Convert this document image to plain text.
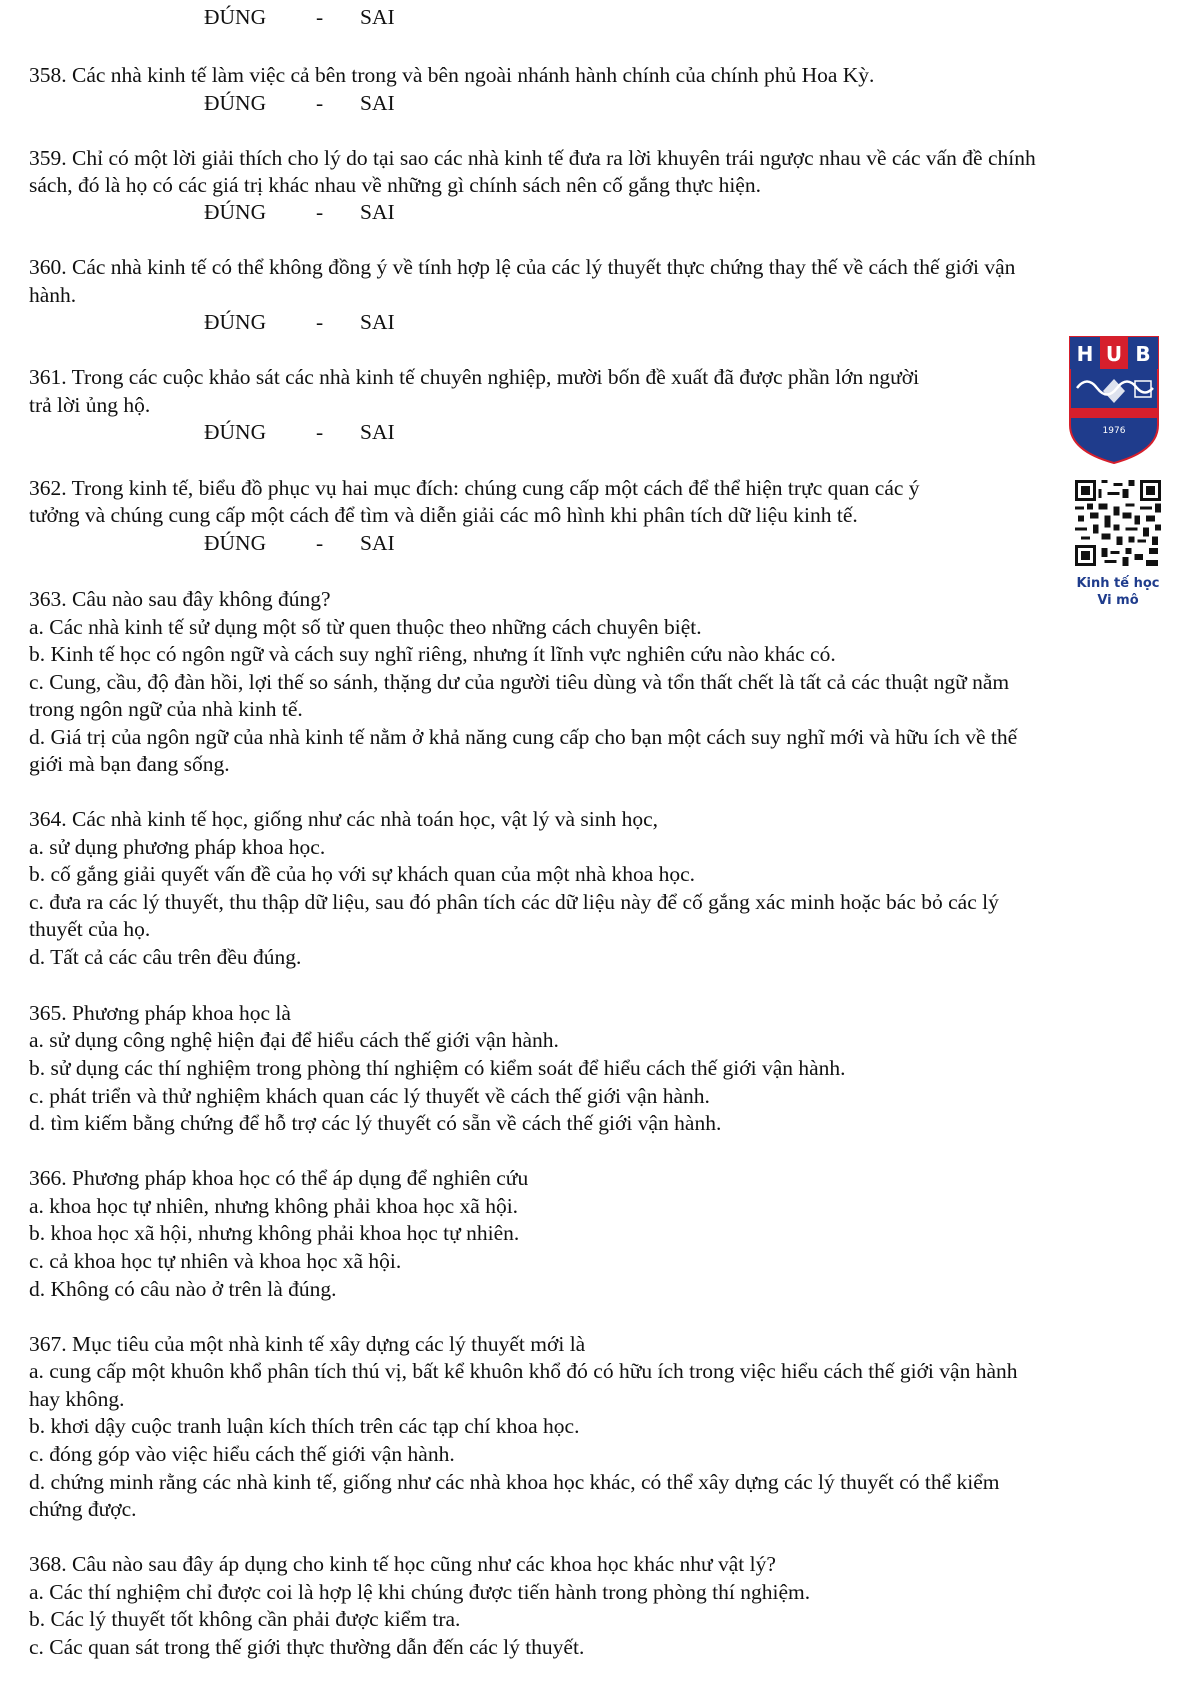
ĐÚNG - SAI
358. Các nhà kinh tế làm việc cả bên trong và bên ngoài nhánh hành chính của chính phủ Hoa Kỳ.
ĐÚNG - SAI
359. Chỉ có một lời giải thích cho lý do tại sao các nhà kinh tế đưa ra lời khuyên trái ngược nhau về các vấn đề chính
sách, đó là họ có các giá trị khác nhau về những gì chính sách nên cố gắng thực hiện.
ĐÚNG - SAI
360. Các nhà kinh tế có thể không đồng ý về tính hợp lệ của các lý thuyết thực chứng thay thế về cách thế giới vận
hành.
ĐÚNG - SAI
361. Trong các cuộc khảo sát các nhà kinh tế chuyên nghiệp, mười bốn đề xuất đã được phần lớn người
trả lời ủng hộ.
ĐÚNG - SAI
362. Trong kinh tế, biểu đồ phục vụ hai mục đích: chúng cung cấp một cách để thể hiện trực quan các ý
tưởng và chúng cung cấp một cách để tìm và diễn giải các mô hình khi phân tích dữ liệu kinh tế.
ĐÚNG - SAI
363. Câu nào sau đây không đúng?
a. Các nhà kinh tế sử dụng một số từ quen thuộc theo những cách chuyên biệt.
b. Kinh tế học có ngôn ngữ và cách suy nghĩ riêng, nhưng ít lĩnh vực nghiên cứu nào khác có.
c. Cung, cầu, độ đàn hồi, lợi thế so sánh, thặng dư của người tiêu dùng và tổn thất chết là tất cả các thuật ngữ nằm
trong ngôn ngữ của nhà kinh tế.
d. Giá trị của ngôn ngữ của nhà kinh tế nằm ở khả năng cung cấp cho bạn một cách suy nghĩ mới và hữu ích về thế
giới mà bạn đang sống.
364. Các nhà kinh tế học, giống như các nhà toán học, vật lý và sinh học,
a. sử dụng phương pháp khoa học.
b. cố gắng giải quyết vấn đề của họ với sự khách quan của một nhà khoa học.
c. đưa ra các lý thuyết, thu thập dữ liệu, sau đó phân tích các dữ liệu này để cố gắng xác minh hoặc bác bỏ các lý
thuyết của họ.
d. Tất cả các câu trên đều đúng.
365. Phương pháp khoa học là
a. sử dụng công nghệ hiện đại để hiểu cách thế giới vận hành.
b. sử dụng các thí nghiệm trong phòng thí nghiệm có kiểm soát để hiểu cách thế giới vận hành.
c. phát triển và thử nghiệm khách quan các lý thuyết về cách thế giới vận hành.
d. tìm kiếm bằng chứng để hỗ trợ các lý thuyết có sẵn về cách thế giới vận hành.
366. Phương pháp khoa học có thể áp dụng để nghiên cứu
a. khoa học tự nhiên, nhưng không phải khoa học xã hội.
b. khoa học xã hội, nhưng không phải khoa học tự nhiên.
c. cả khoa học tự nhiên và khoa học xã hội.
d. Không có câu nào ở trên là đúng.
367. Mục tiêu của một nhà kinh tế xây dựng các lý thuyết mới là
a. cung cấp một khuôn khổ phân tích thú vị, bất kể khuôn khổ đó có hữu ích trong việc hiểu cách thế giới vận hành
hay không.
b. khơi dậy cuộc tranh luận kích thích trên các tạp chí khoa học.
c. đóng góp vào việc hiểu cách thế giới vận hành.
d. chứng minh rằng các nhà kinh tế, giống như các nhà khoa học khác, có thể xây dựng các lý thuyết có thể kiểm
chứng được.
368. Câu nào sau đây áp dụng cho kinh tế học cũng như các khoa học khác như vật lý?
a. Các thí nghiệm chỉ được coi là hợp lệ khi chúng được tiến hành trong phòng thí nghiệm.
b. Các lý thuyết tốt không cần phải được kiểm tra.
c. Các quan sát trong thế giới thực thường dẫn đến các lý thuyết.
H U B
1976
Kinh tế học
Vi mô
